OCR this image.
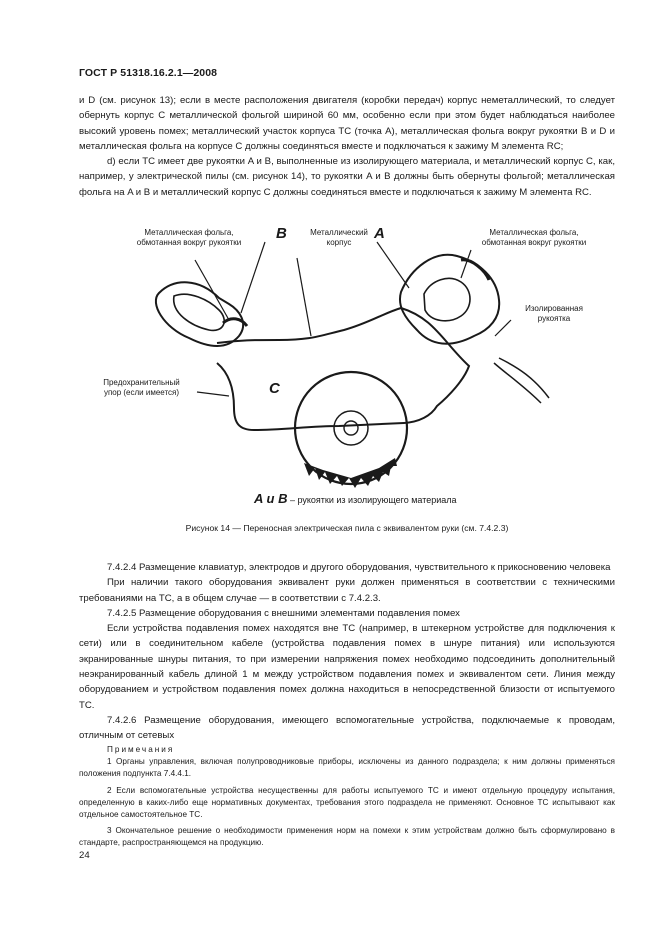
ГОСТ Р 51318.16.2.1—2008

и D (см. рисунок 13); если в месте расположения двигателя (коробки передач) корпус неметаллический, то следует обернуть корпус C металлической фольгой шириной 60 мм, особенно если при этом будет наблюдаться наиболее высокий уровень помех; металлический участок корпуса ТС (точка A), металлическая фольга вокруг рукоятки B и D и металлическая фольга на корпусе C должны соединяться вместе и подключаться к зажиму M элемента RC;

d) если ТС имеет две рукоятки A и B, выполненные из изолирующего материала, и металлический корпус C, как, например, у электрической пилы (см. рисунок 14), то рукоятки A и B должны быть обернуты фольгой; металлическая фольга на A и B и металлический корпус C должны соединяться вместе и подключаться к зажиму M элемента RC.

Металлическая фольга,
обмотанная вокруг рукоятки
B	Металлический
корпус
A	Металлическая фольга,
обмотанная вокруг рукоятки
Изолированная
рукоятка
Предохранительный
упор (если имеется)	C
A и B – рукоятки из изолирующего материала
Рисунок 14 — Переносная электрическая пила с эквивалентом руки (см. 7.4.2.3)

7.4.2.4 Размещение клавиатур, электродов и другого оборудования, чувствительного к прикосновению человека

При наличии такого оборудования эквивалент руки должен применяться в соответствии с техническими требованиями на ТС, а в общем случае — в соответствии с 7.4.2.3.

7.4.2.5 Размещение оборудования с внешними элементами подавления помех

Если устройства подавления помех находятся вне ТС (например, в штекерном устройстве для подключения к сети) или в соединительном кабеле (устройства подавления помех в шнуре питания) или используются экранированные шнуры питания, то при измерении напряжения помех необходимо подсоединить дополнительный неэкранированный кабель длиной 1 м между устройством подавления помех и эквивалентом сети. Линия между оборудованием и устройством подавления помех должна находиться в непосредственной близости от испытуемого ТС.

7.4.2.6 Размещение оборудования, имеющего вспомогательные устройства, подключаемые к проводам, отличным от сетевых

Примечания

1 Органы управления, включая полупроводниковые приборы, исключены из данного подраздела; к ним должны применяться положения подпункта 7.4.4.1.

2 Если вспомогательные устройства несущественны для работы испытуемого ТС и имеют отдельную процедуру испытания, определенную в каких-либо еще нормативных документах, требования этого подраздела не применяют. Основное ТС испытывают как отдельное самостоятельное ТС.

3 Окончательное решение о необходимости применения норм на помехи к этим устройствам должно быть сформулировано в стандарте, распространяющемся на продукцию.

24
